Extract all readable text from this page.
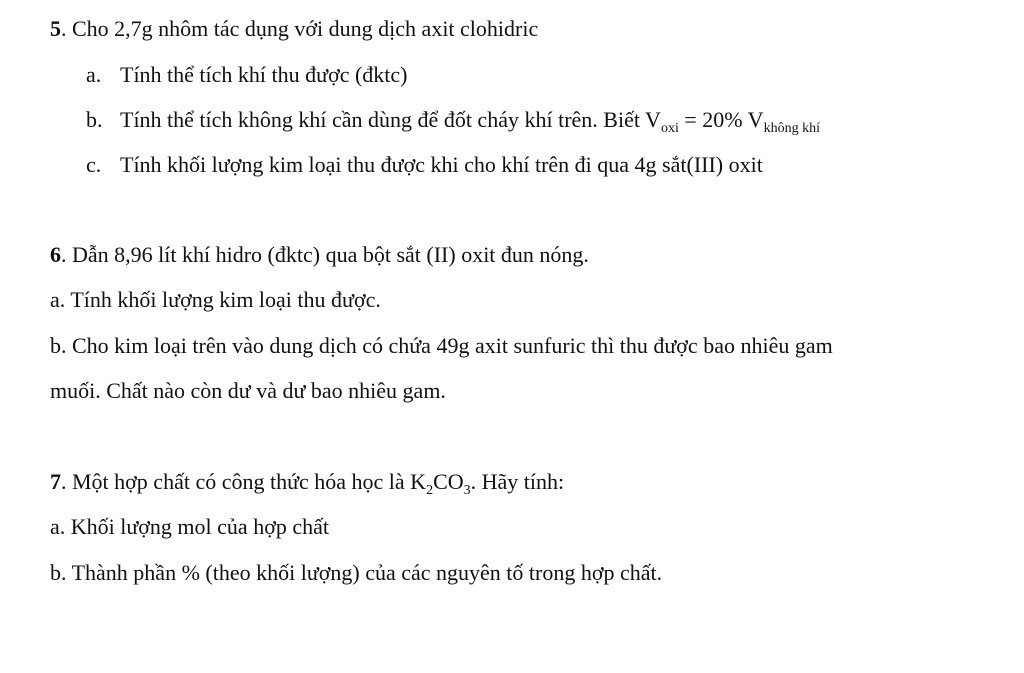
5. Cho 2,7g nhôm tác dụng với dung dịch axit clohidric
a. Tính thể tích khí thu được (đktc)
b. Tính thể tích không khí cần dùng để đốt cháy khí trên. Biết $V_{oxi} = 20\%$ $V_{không khí}$
c. Tính khối lượng kim loại thu được khi cho khí trên đi qua 4g sắt(III) oxit
6. Dẫn 8,96 lít khí hidro (đktc) qua bột sắt (II) oxit đun nóng.
a. Tính khối lượng kim loại thu được.
b. Cho kim loại trên vào dung dịch có chứa 49g axit sunfuric thì thu được bao nhiêu gam
muối. Chất nào còn dư và dư bao nhiêu gam.
7. Một hợp chất có công thức hóa học là $K_2CO_3$. Hãy tính:
a. Khối lượng mol của hợp chất
b. Thành phần % (theo khối lượng) của các nguyên tố trong hợp chất.
